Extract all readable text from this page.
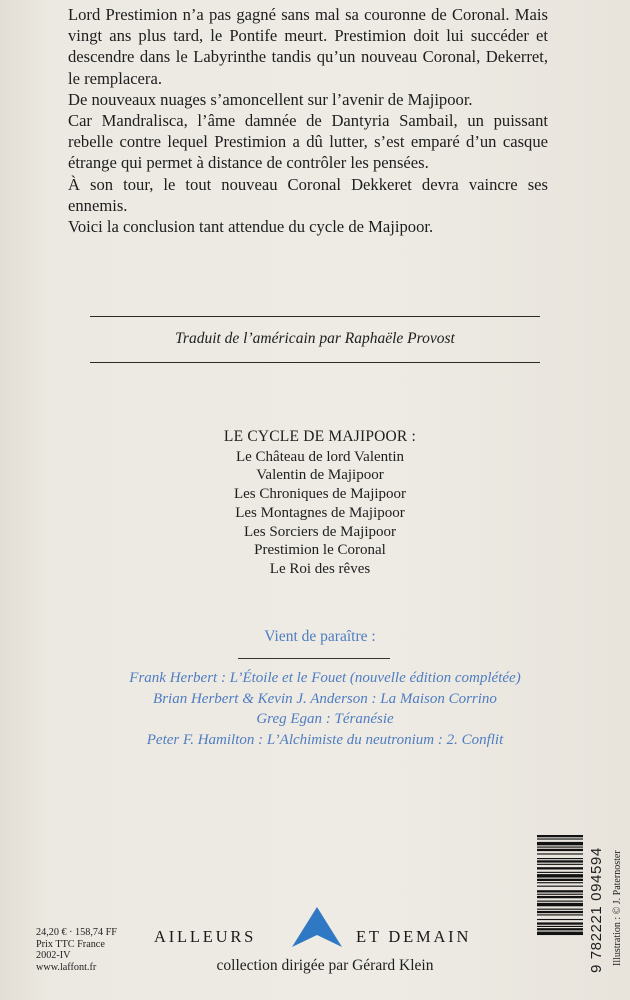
Lord Prestimion n’a pas gagné sans mal sa couronne de Coronal. Mais vingt ans plus tard, le Pontife meurt. Prestimion doit lui succéder et descendre dans le Labyrinthe tandis qu’un nouveau Coronal, Dekerret, le remplacera.

De nouveaux nuages s’amoncellent sur l’avenir de Majipoor.

Car Mandralisca, l’âme damnée de Dantyria Sambail, un puissant rebelle contre lequel Prestimion a dû lutter, s’est emparé d’un casque étrange qui permet à distance de contrôler les pensées.

À son tour, le tout nouveau Coronal Dekkeret devra vaincre ses ennemis.

Voici la conclusion tant attendue du cycle de Majipoor.

Traduit de l’américain par Raphaële Provost
LE CYCLE DE MAJIPOOR :
Le Château de lord Valentin
Valentin de Majipoor
Les Chroniques de Majipoor
Les Montagnes de Majipoor
Les Sorciers de Majipoor
Prestimion le Coronal
Le Roi des rêves
Vient de paraître :
Frank Herbert : L’Étoile et le Fouet (nouvelle édition complétée)
Brian Herbert & Kevin J. Anderson : La Maison Corrino
Greg Egan : Téranésie
Peter F. Hamilton : L’Alchimiste du neutronium : 2. Conflit
24,20 € · 158,74 FF
Prix TTC France
2002-IV
www.laffont.fr
AILLEURS	ET DEMAIN
collection dirigée par Gérard Klein	9 782221 094594 Illustration : © J. Paternoster
